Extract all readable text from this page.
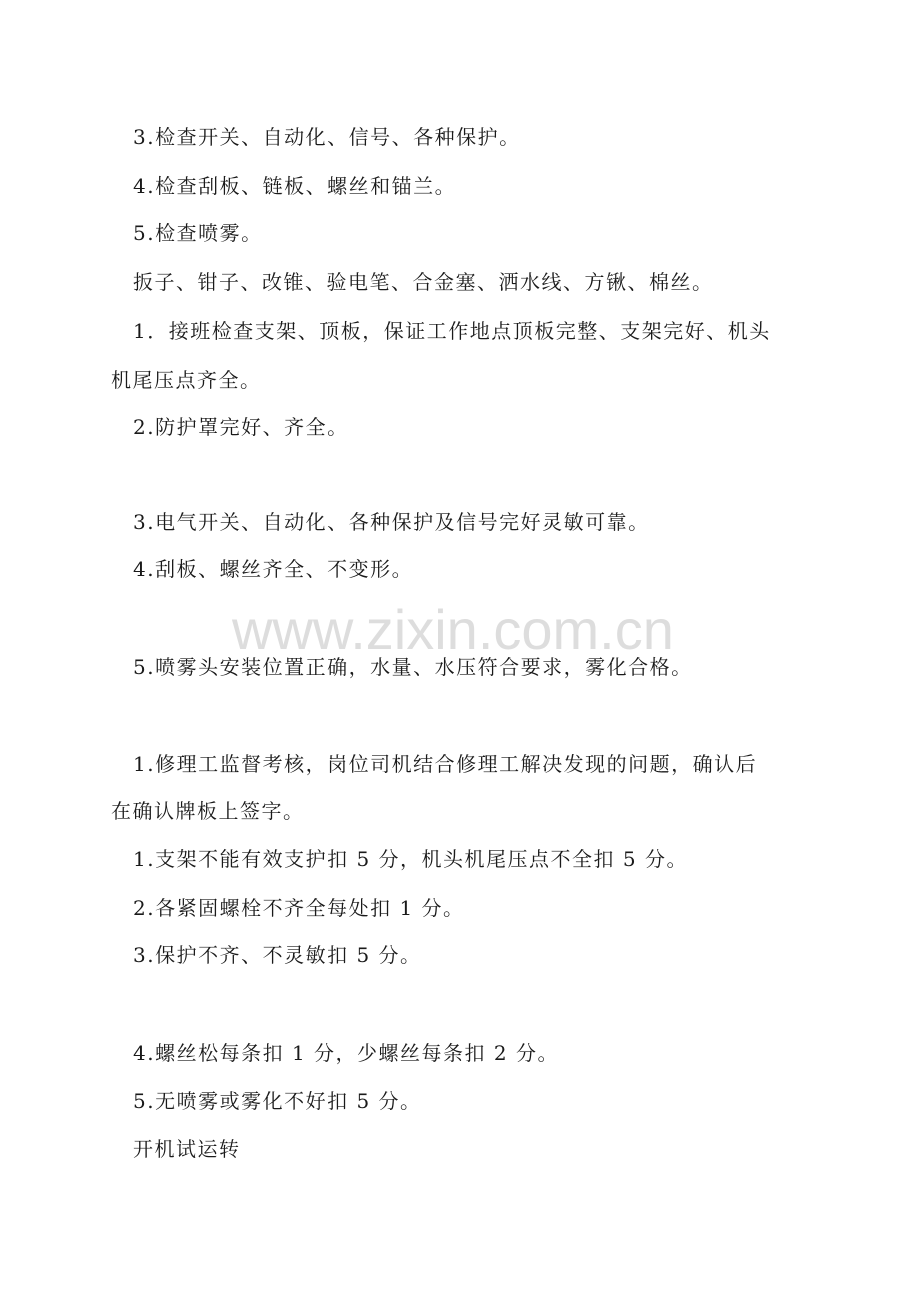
www.zixin.com.cn
3.检查开关、自动化、信号、各种保护。
4.检查刮板、链板、螺丝和锚兰。
5.检查喷雾。
扳子、钳子、改锥、验电笔、合金塞、洒水线、方锹、棉丝。
1．接班检查支架、顶板，保证工作地点顶板完整、支架完好、机头
机尾压点齐全。
2.防护罩完好、齐全。
3.电气开关、自动化、各种保护及信号完好灵敏可靠。
4.刮板、螺丝齐全、不变形。
5.喷雾头安装位置正确，水量、水压符合要求，雾化合格。
1.修理工监督考核，岗位司机结合修理工解决发现的问题，确认后
在确认牌板上签字。
1.支架不能有效支护扣 5 分，机头机尾压点不全扣 5 分。
2.各紧固螺栓不齐全每处扣 1 分。
3.保护不齐、不灵敏扣 5 分。
4.螺丝松每条扣 1 分，少螺丝每条扣 2 分。
5.无喷雾或雾化不好扣 5 分。
开机试运转
